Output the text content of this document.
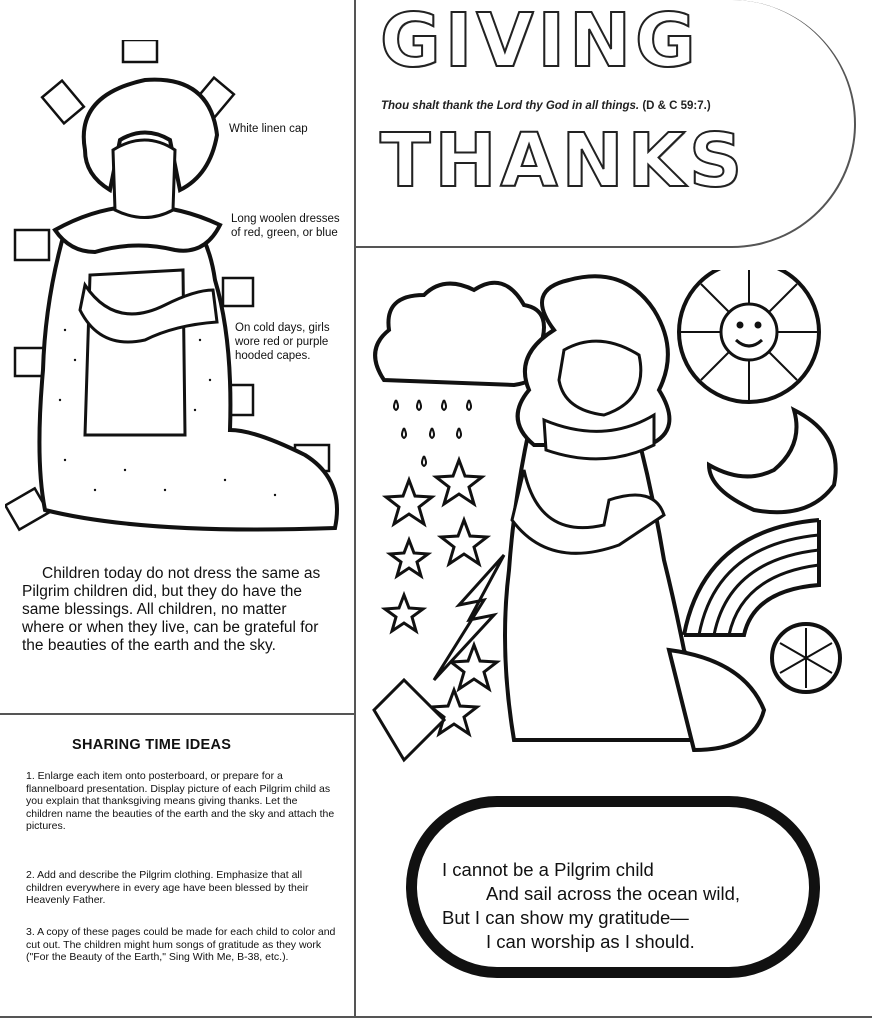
White linen cap
Long woolen dresses of red, green, or blue
On cold days, girls wore red or purple hooded capes.
Children today do not dress the same as Pilgrim children did, but they do have the same blessings. All children, no matter where or when they live, can be grateful for the beauties of the earth and the sky.
SHARING TIME IDEAS
1. Enlarge each item onto posterboard, or prepare for a flannelboard presentation. Display picture of each Pilgrim child as you explain that thanksgiving means giving thanks. Let the children name the beauties of the earth and the sky and attach the pictures.
2. Add and describe the Pilgrim clothing. Emphasize that all children everywhere in every age have been blessed by their Heavenly Father.
3. A copy of these pages could be made for each child to color and cut out. The children might hum songs of gratitude as they work ("For the Beauty of the Earth," Sing With Me, B-38, etc.).
GIVING
Thou shalt thank the Lord thy God in all things. (D & C 59:7.)
THANKS
I cannot be a Pilgrim child
And sail across the ocean wild,
But I can show my gratitude—
I can worship as I should.
